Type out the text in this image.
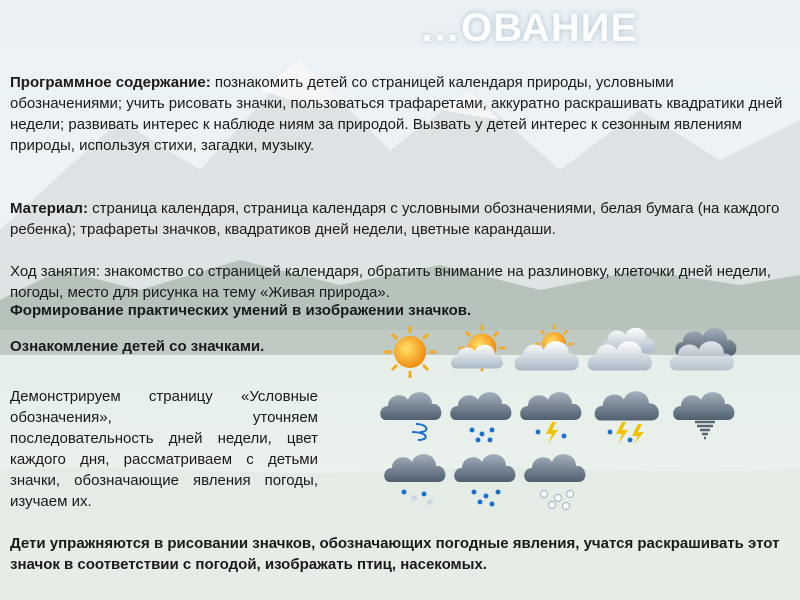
…ОВАНИЕ

Программное содержание: познакомить детей со страницей календаря природы, условными обозначениями; учить рисовать значки, пользоваться трафаретами, аккуратно раскрашивать квадратики дней недели; развивать интерес к наблюде ниям за природой. Вызвать у детей интерес к сезонным явлениям природы, используя стихи, загадки, музыку.

Материал: страница календаря, страница календаря с условными обозначениями, белая бумага (на каждого ребенка); трафареты значков, квадратиков дней недели, цветные карандаши.

Ход занятия: знакомство со страницей календаря, обратить внимание на разлиновку, клеточки дней недели, погоды, место для рисунка на тему «Живая природа».

Формирование практических умений в изображении значков.

Ознакомление детей со значками.

Демонстрируем страницу «Условные обозначения», уточняем последовательность дней недели, цвет каждого дня, рассматриваем с детьми значки, обозначающие явления погоды, изучаем их.

Дети упражняются в рисовании значков, обозначающих погодные явления, учатся раскрашивать этот значок в соответствии с погодой, изображать птиц, насекомых.
